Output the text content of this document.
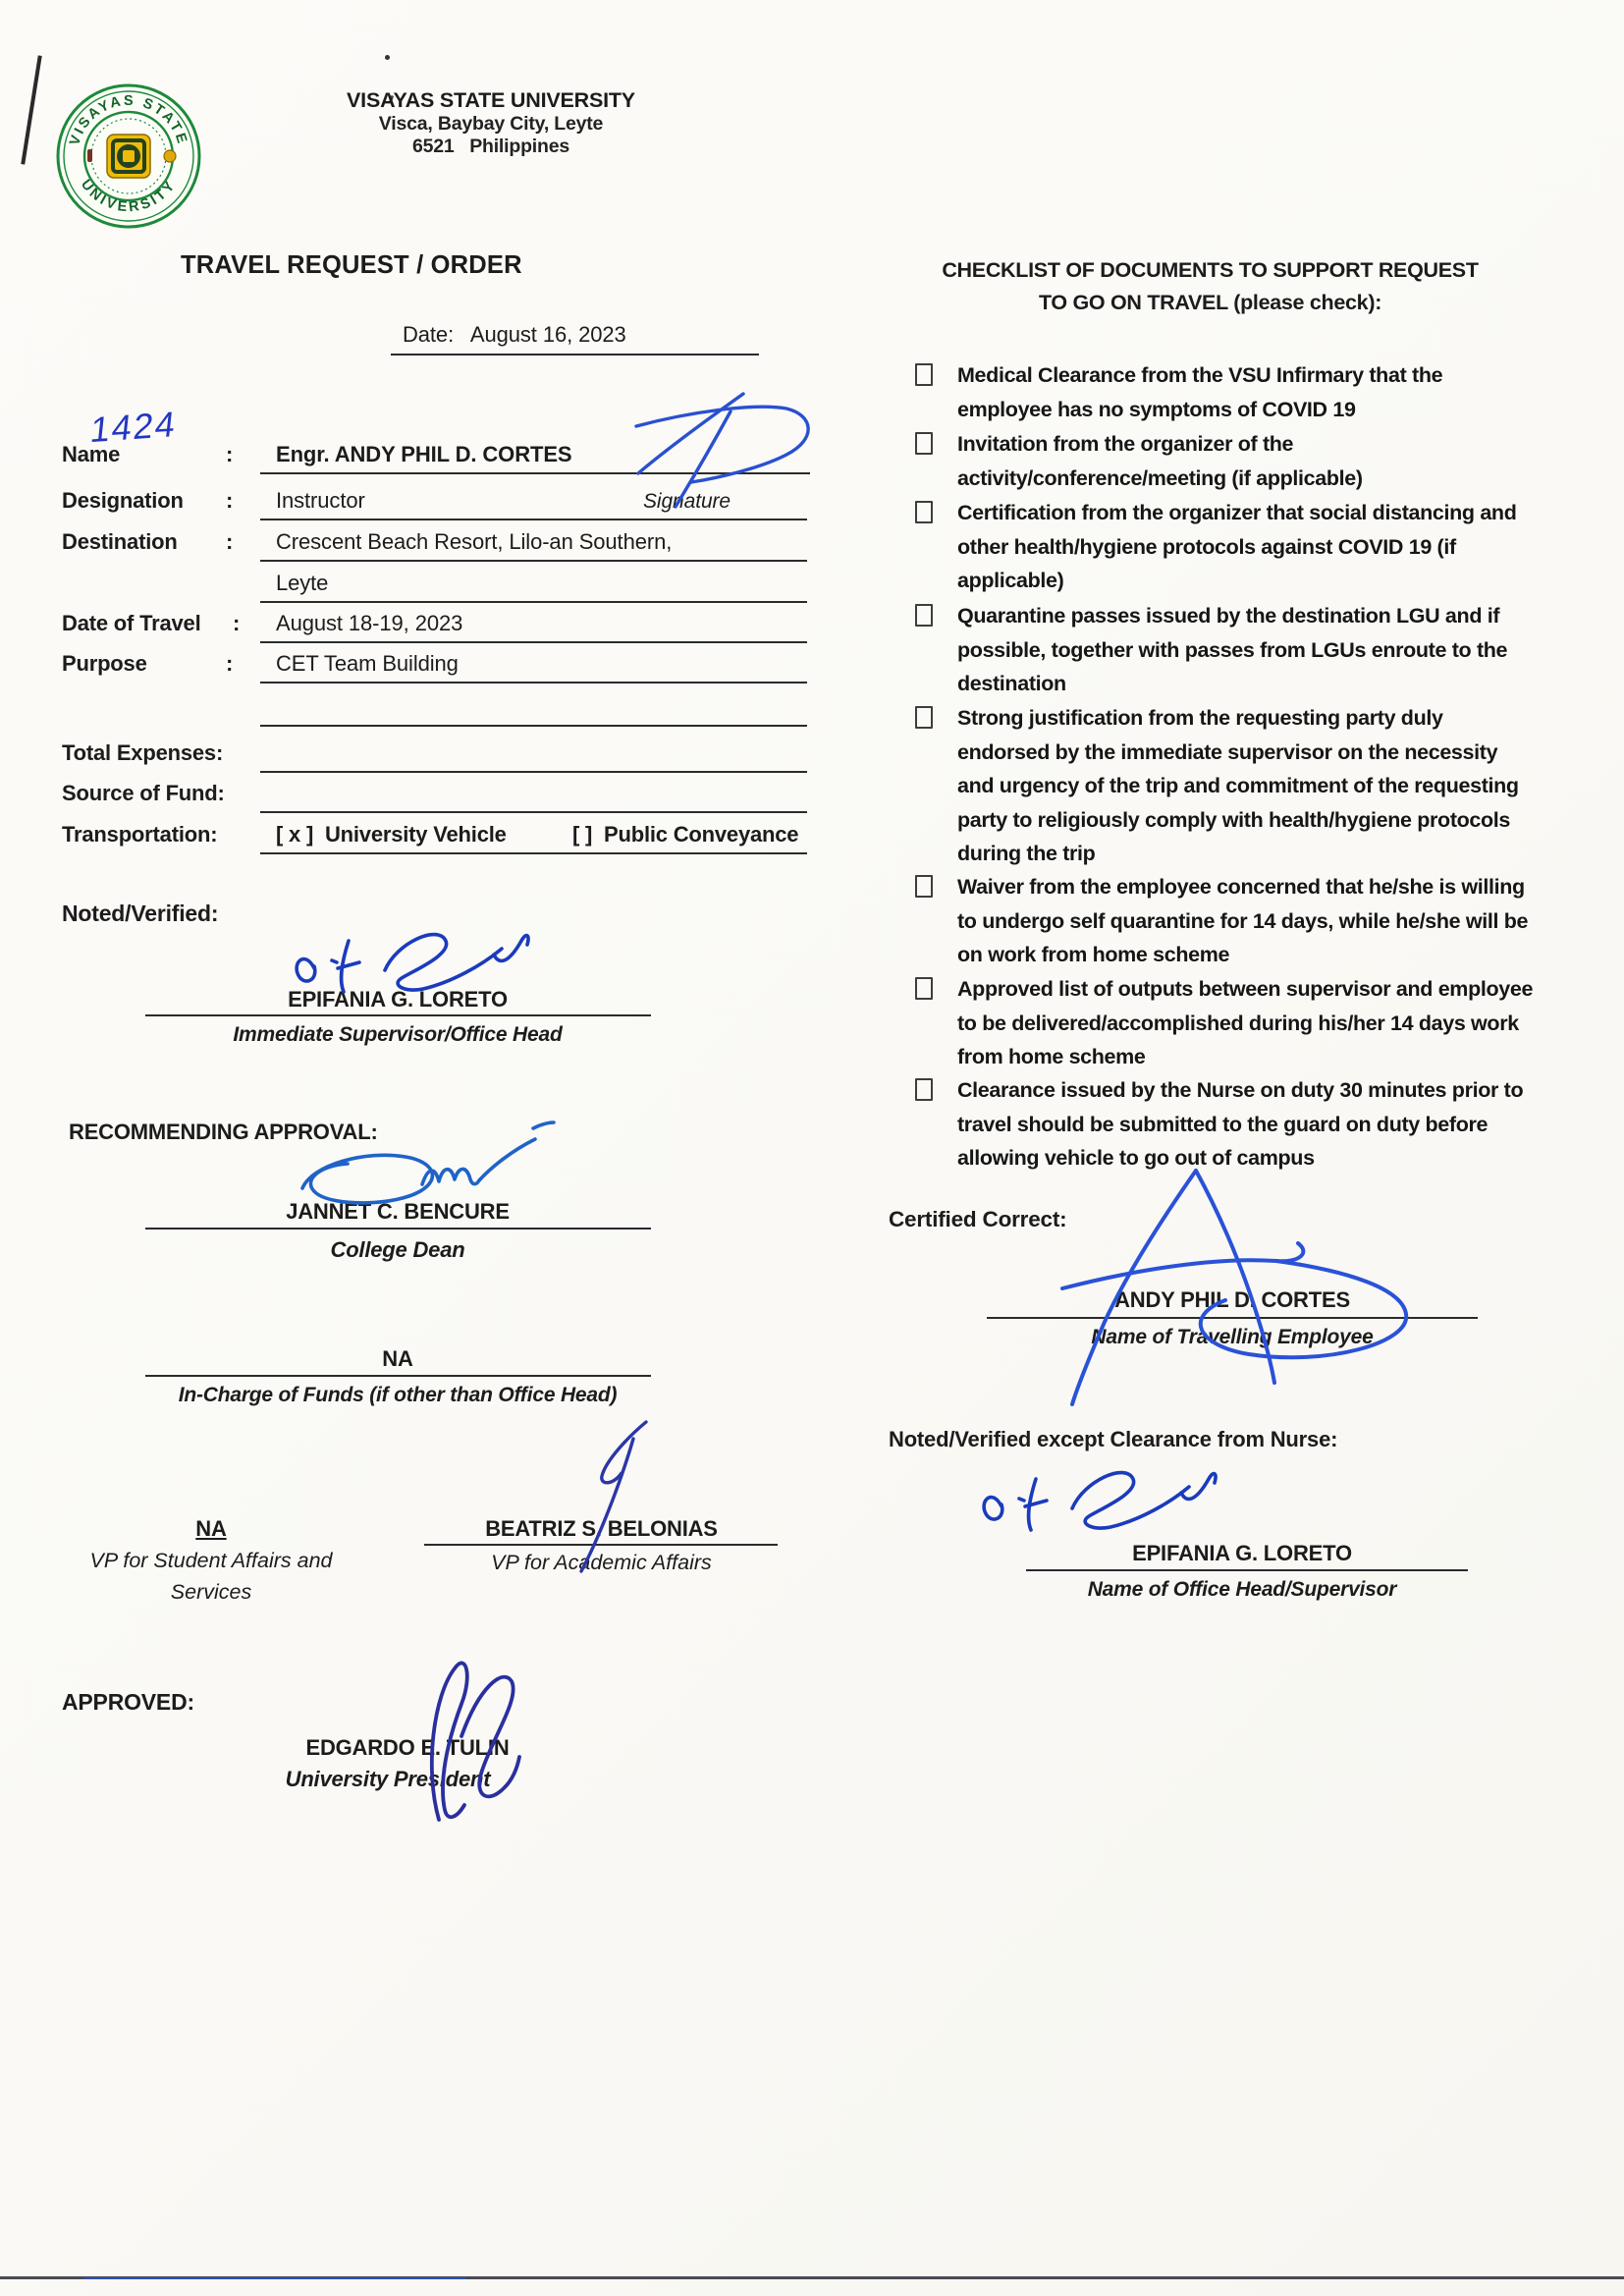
VISAYAS STATE
UNIVERSITY
VISAYAS STATE UNIVERSITY
Visca, Baybay City, Leyte
6521   Philippines
TRAVEL REQUEST / ORDER
Date: August 16, 2023
1424
Name	: Engr. ANDY PHIL D. CORTES
Designation : Instructor	Signature
Destination : Crescent Beach Resort, Lilo-an Southern,
Leyte
Date of Travel : August 18-19, 2023
Purpose	: CET Team Building
Total Expenses:
Source of Fund:
Transportation:	[ x ] University Vehicle	[ ] Public Conveyance
Noted/Verified:
EPIFANIA G. LORETO
Immediate Supervisor/Office Head
RECOMMENDING APPROVAL:
JANNET C. BENCURE
College Dean
NA
In-Charge of Funds (if other than Office Head)
NA
VP for Student Affairs and
Services
BEATRIZ S. BELONIAS
VP for Academic Affairs
APPROVED:
EDGARDO E. TULIN
University President
CHECKLIST OF DOCUMENTS TO SUPPORT REQUEST
TO GO ON TRAVEL (please check):
Medical Clearance from the VSU Infirmary that the employee has no symptoms of COVID 19
Invitation from the organizer of the activity/conference/meeting (if applicable)
Certification from the organizer that social distancing and other health/hygiene protocols against COVID 19 (if applicable)
Quarantine passes issued by the destination LGU and if possible, together with passes from LGUs enroute to the destination
Strong justification from the requesting party duly endorsed by the immediate supervisor on the necessity and urgency of the trip and commitment of the requesting party to religiously comply with health/hygiene protocols during the trip
Waiver from the employee concerned that he/she is willing to undergo self quarantine for 14 days, while he/she will be on work from home scheme
Approved list of outputs between supervisor and employee to be delivered/accomplished during his/her 14 days work from home scheme
Clearance issued by the Nurse on duty 30 minutes prior to travel should be submitted to the guard on duty before allowing vehicle to go out of campus
Certified Correct:
ANDY PHIL D. CORTES
Name of Travelling Employee
Noted/Verified except Clearance from Nurse:
EPIFANIA G. LORETO
Name of Office Head/Supervisor
